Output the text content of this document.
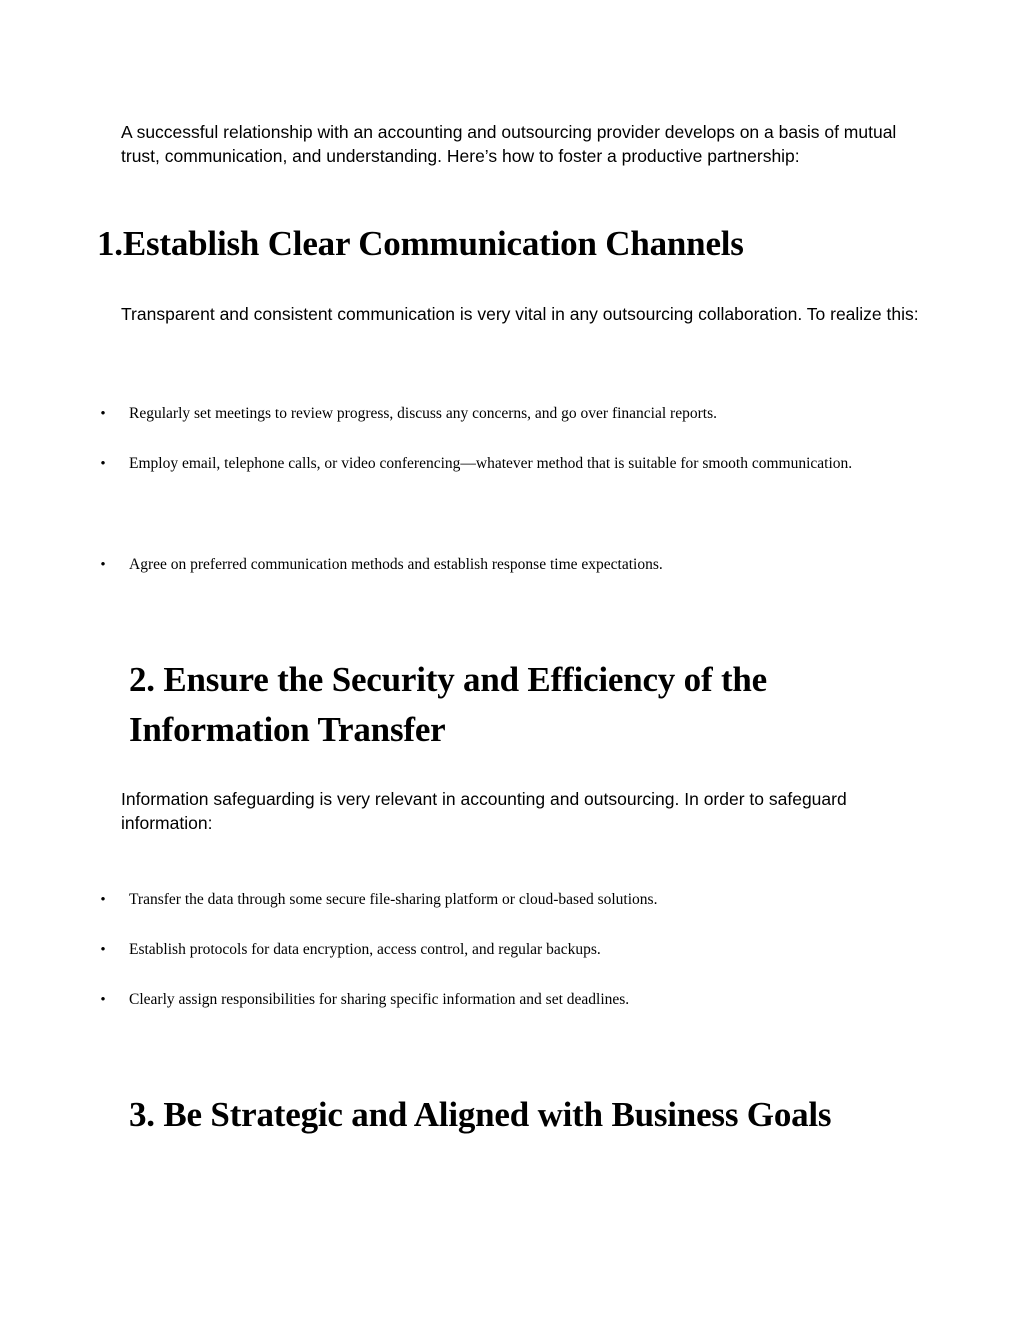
A successful relationship with an accounting and outsourcing provider develops on a basis of mutual trust, communication, and understanding. Here’s how to foster a productive partnership:

1.Establish Clear Communication Channels

Transparent and consistent communication is very vital in any outsourcing collaboration. To realize this:

• Regularly set meetings to review progress, discuss any concerns, and go over financial reports.
• Employ email, telephone calls, or video conferencing—whatever method that is suitable for smooth communication.
• Agree on preferred communication methods and establish response time expectations.
2. Ensure the Security and Efficiency of the Information Transfer

Information safeguarding is very relevant in accounting and outsourcing. In order to safeguard information:

• Transfer the data through some secure file-sharing platform or cloud-based solutions.
• Establish protocols for data encryption, access control, and regular backups.
• Clearly assign responsibilities for sharing specific information and set deadlines.
3. Be Strategic and Aligned with Business Goals
